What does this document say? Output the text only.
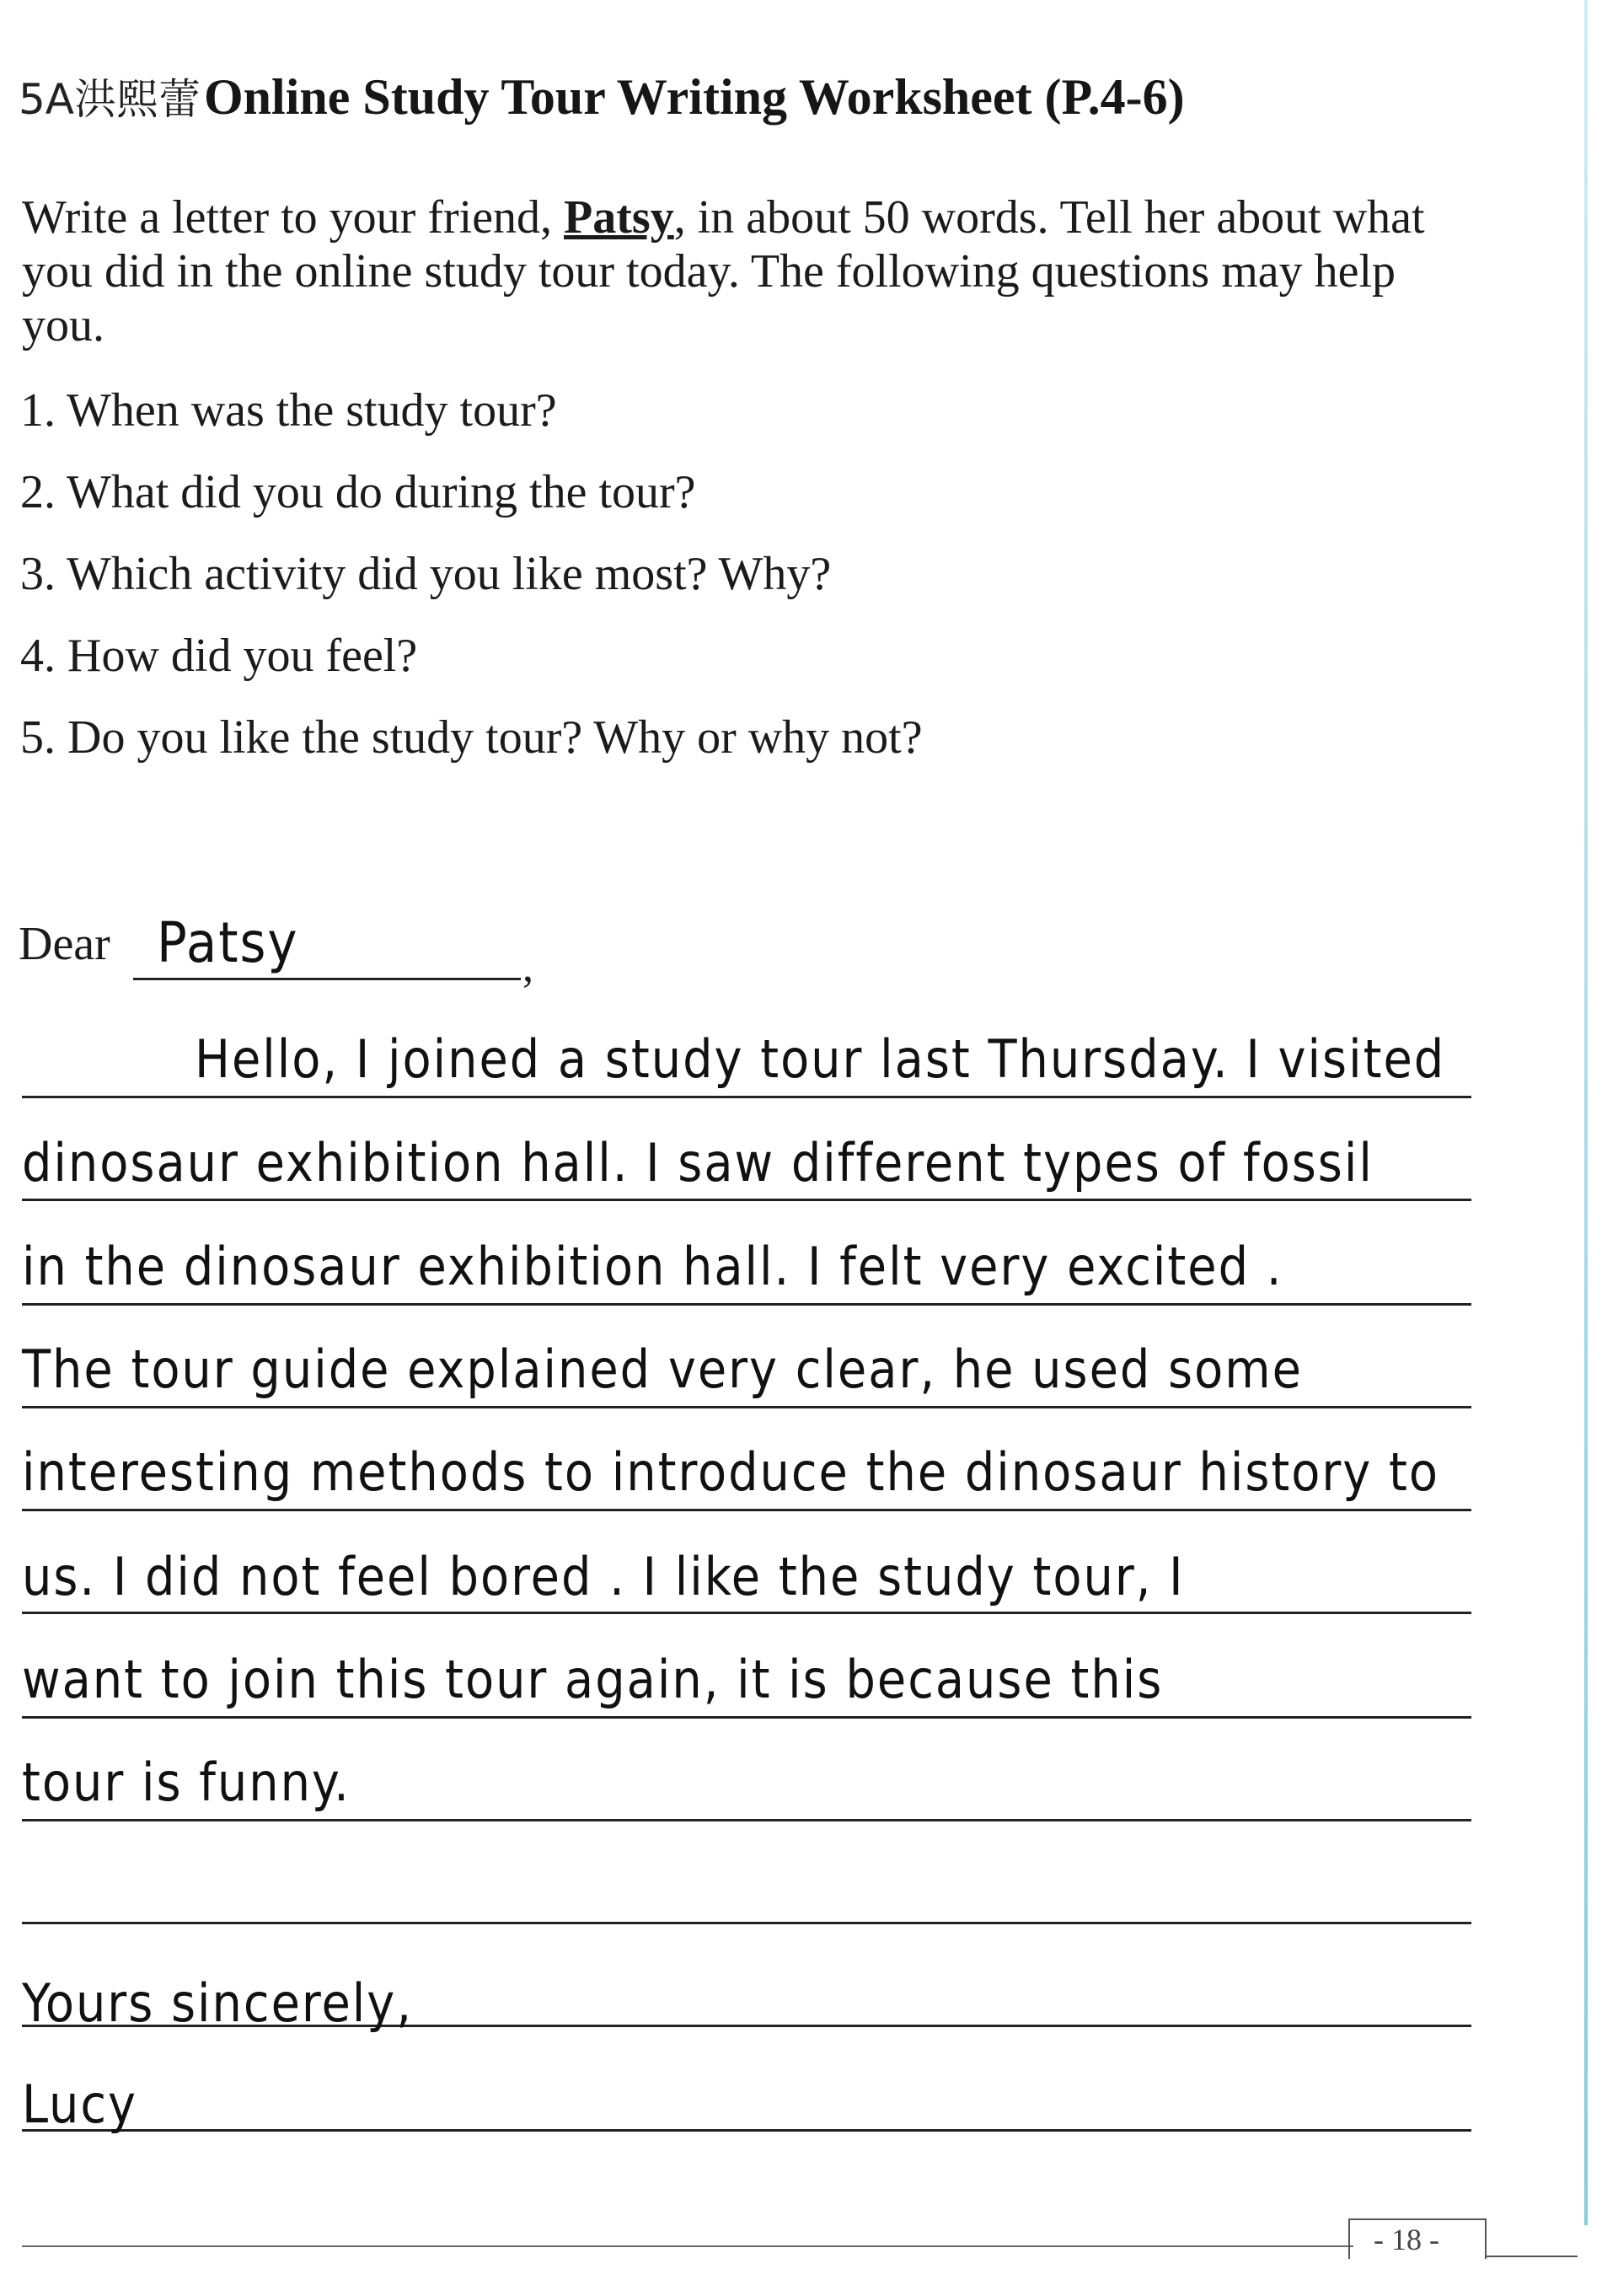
5A洪熙蕾 Online Study Tour Writing Worksheet (P.4-6)
Write a letter to your friend, Patsy, in about 50 words. Tell her about what you did in the online study tour today. The following questions may help you.
1. When was the study tour?
2. What did you do during the tour?
3. Which activity did you like most? Why?
4. How did you feel?
5. Do you like the study tour? Why or why not?
Dear Patsy	,
Hello, I joined a study tour last Thursday. I visited
dinosaur exhibition hall. I saw different types of fossil
in the dinosaur exhibition hall. I felt very excited .
The tour guide explained very clear, he used some
interesting methods to introduce the dinosaur history to
us. I did not feel bored . I like the study tour, I
want to join this tour again, it is because this
tour is funny.
Yours sincerely,
Lucy
- 18 -
